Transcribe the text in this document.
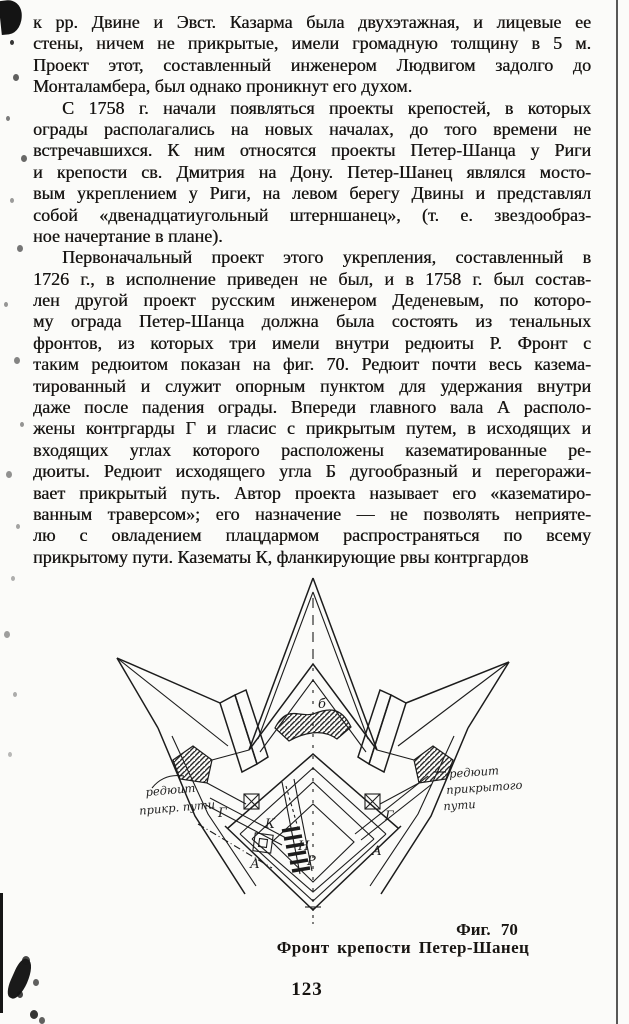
к рр. Двине и Эвст. Казарма была двухэтажная, и лицевые ее
стены, ничем не прикрытые, имели громадную толщину в 5 м.
Проект этот, составленный инженером Людвигом задолго до
Монталамбера, был однако проникнут его духом.
С 1758 г. начали появляться проекты крепостей, в которых
ограды располагались на новых началах, до того времени не
встречавшихся. К ним относятся проекты Петер-Шанца у Риги
и крепости св. Дмитрия на Дону. Петер-Шанец являлся мосто-
вым укреплением у Риги, на левом берегу Двины и представлял
собой «двенадцатиугольный штерншанец», (т. е. звездообраз-
ное начертание в плане).
Первоначальный проект этого укрепления, составленный в
1726 г., в исполнение приведен не был, и в 1758 г. был состав-
лен другой проект русским инженером Деденевым, по которо-
му ограда Петер-Шанца должна была состоять из тенальных
фронтов, из которых три имели внутри редюиты Р. Фронт с
таким редюитом показан на фиг. 70. Редюит почти весь казема-
тированный и служит опорным пунктом для удержания внутри
даже после падения ограды. Впереди главного вала А располо-
жены контргарды Г и гласис с прикрытым путем, в исходящих и
входящих углах которого расположены казематированные ре-
дюиты. Редюит исходящего угла Б дугообразный и перегоражи-
вает прикрытый путь. Автор проекта называет его «казематиро-
ванным траверсом»; его назначение — не позволять неприяте-
лю с овладением плацдармом распространяться по всему
прикрытому пути. Казематы К, фланкирующие рвы контргардов
б
Г	Г
А
А
К
Н
Р
редюит
прикр. пути
редюит
прикрытого
пути
Фиг. 70
Фронт крепости Петер-Шанец
123
